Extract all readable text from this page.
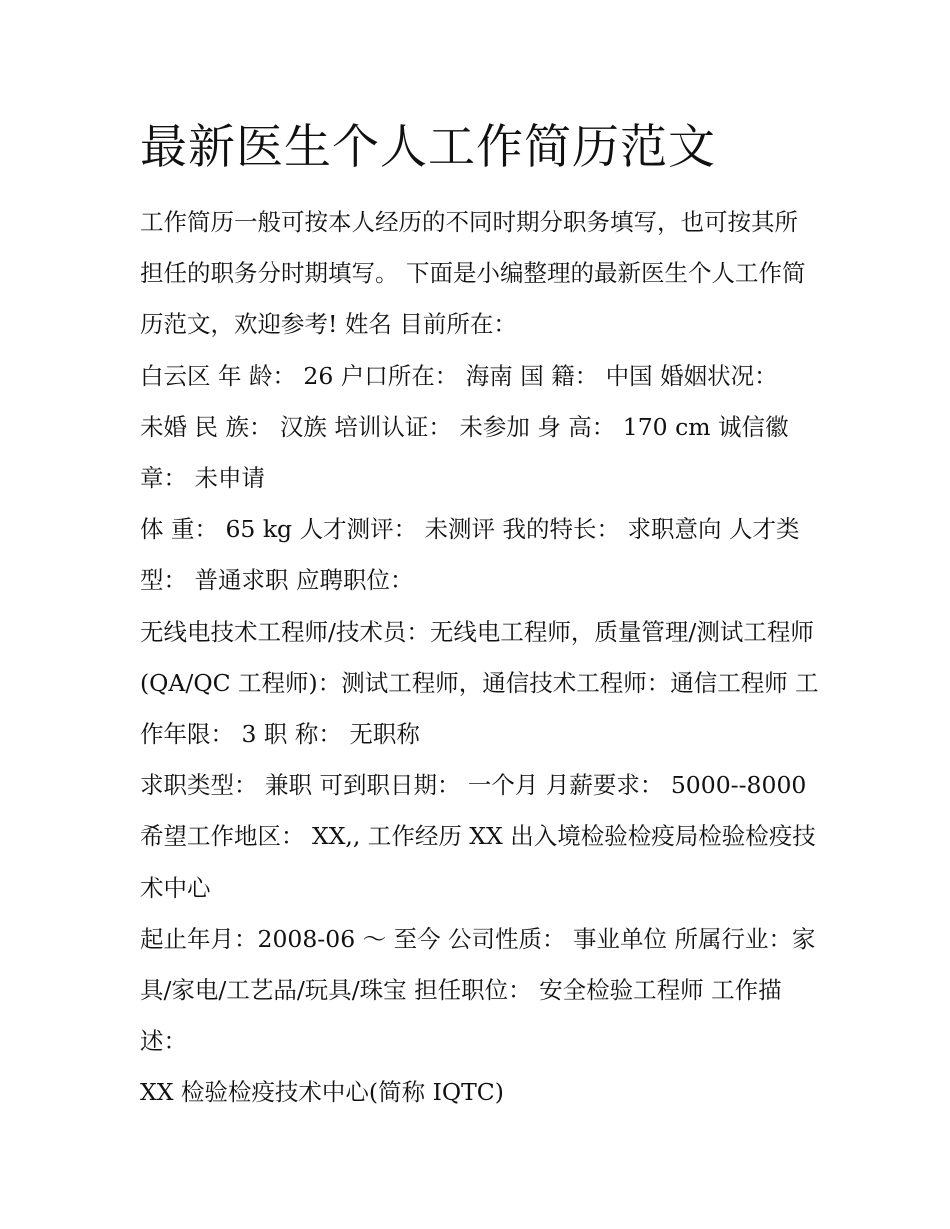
最新医生个人工作简历范文

工作简历一般可按本人经历的不同时期分职务填写，也可按其所担任的职务分时期填写。 下面是小编整理的最新医生个人工作简历范文，欢迎参考! 姓名 目前所在：

白云区 年 龄： 26 户口所在： 海南 国 籍： 中国 婚姻状况：

未婚 民 族： 汉族 培训认证： 未参加 身 高： 170 cm 诚信徽章： 未申请

体 重： 65 kg 人才测评： 未测评 我的特长： 求职意向 人才类型： 普通求职 应聘职位：

无线电技术工程师/技术员：无线电工程师，质量管理/测试工程师(QA/QC 工程师)：测试工程师，通信技术工程师：通信工程师 工作年限： 3 职 称： 无职称

求职类型： 兼职 可到职日期： 一个月 月薪要求： 5000--8000 希望工作地区： XX,, 工作经历 XX 出入境检验检疫局检验检疫技术中心

起止年月：2008-06 ～ 至今 公司性质： 事业单位 所属行业：家具/家电/工艺品/玩具/珠宝 担任职位： 安全检验工程师 工作描述：

XX 检验检疫技术中心(简称 IQTC)
